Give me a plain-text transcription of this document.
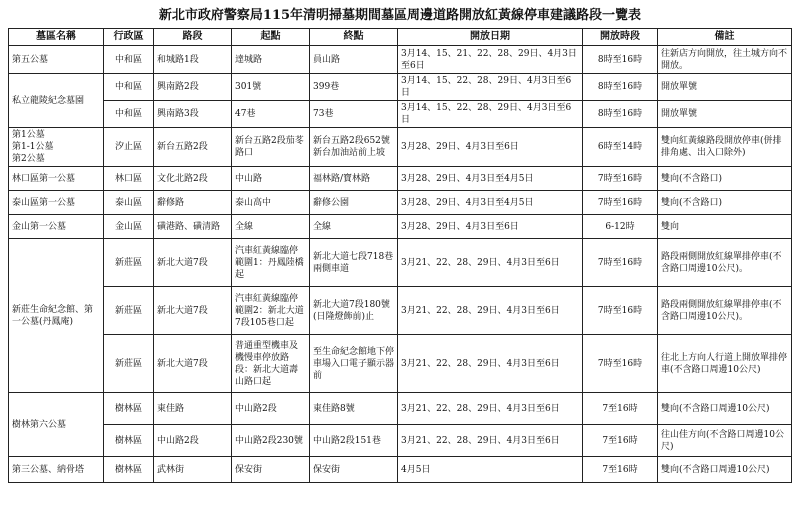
新北市政府警察局115年清明掃墓期間墓區周邊道路開放紅黃線停車建議路段一覽表
墓區名稱	行政區	路段	起點	終點	開放日期	開放時段	備註
第五公墓	中和區	和城路1段	達城路	員山路	3月14、15、21、22、28、29日、4月3日至6日	8時至16時	往新店方向開放，往土城方向不開放。
私立龍陵紀念墓園	中和區	興南路2段	301號	399巷	3月14、15、22、28、29日、4月3日至6日	8時至16時	開放單號
	中和區	興南路3段	47巷	73巷	3月14、15、22、28、29日、4月3日至6日	8時至16時	開放單號
第1公墓
第1-1公墓
第2公墓	汐止區	新台五路2段	新台五路2段茄苳路口	新台五路2段652號新台加油站前上坡	3月28、29日、4月3日至6日	6時至14時	雙向紅黃線路段開放停車(併排排角處、出入口除外)
林口區第一公墓	林口區	文化北路2段	中山路	福林路/寶林路	3月28、29日、4月3日至4月5日	7時至16時	雙向(不含路口)
泰山區第一公墓	泰山區	辭修路	泰山高中	辭修公園	3月28、29日、4月3日至4月5日	7時至16時	雙向(不含路口)
金山第一公墓	金山區	磺港路、磺清路	全線	全線	3月28、29日、4月3日至6日	6-12時	雙向
新莊生命紀念館、第一公墓(丹鳳庵)	新莊區	新北大道7段	汽車紅黃線臨停範圍1：丹鳳陸橋起	新北大道七段718巷兩側車道	3月21、22、28、29日、4月3日至6日	7時至16時	路段兩側開放紅線單排停車(不含路口周邊10公尺)。
	新莊區	新北大道7段	汽車紅黃線臨停範圍2：新北大道7段105巷口起	新北大道7段180號(日隆燈飾前)止	3月21、22、28、29日、4月3日至6日	7時至16時	路段兩側開放紅線單排停車(不含路口周邊10公尺)。
	新莊區	新北大道7段	普通重型機車及機慢車停放路段：新北大道壽山路口起	至生命紀念館地下停車場入口電子顯示器前	3月21、22、28、29日、4月3日至6日	7時至16時	往北上方向人行道上開放單排停車(不含路口周邊10公尺)
樹林第六公墓	樹林區	東佳路	中山路2段	東佳路8號	3月21、22、28、29日、4月3日至6日	7至16時	雙向(不含路口周邊10公尺)
	樹林區	中山路2段	中山路2段230號	中山路2段151巷	3月21、22、28、29日、4月3日至6日	7至16時	往山佳方向(不含路口周邊10公尺)
第三公墓、納骨塔	樹林區	武林街	保安街	保安街	4月5日	7至16時	雙向(不含路口周邊10公尺)
